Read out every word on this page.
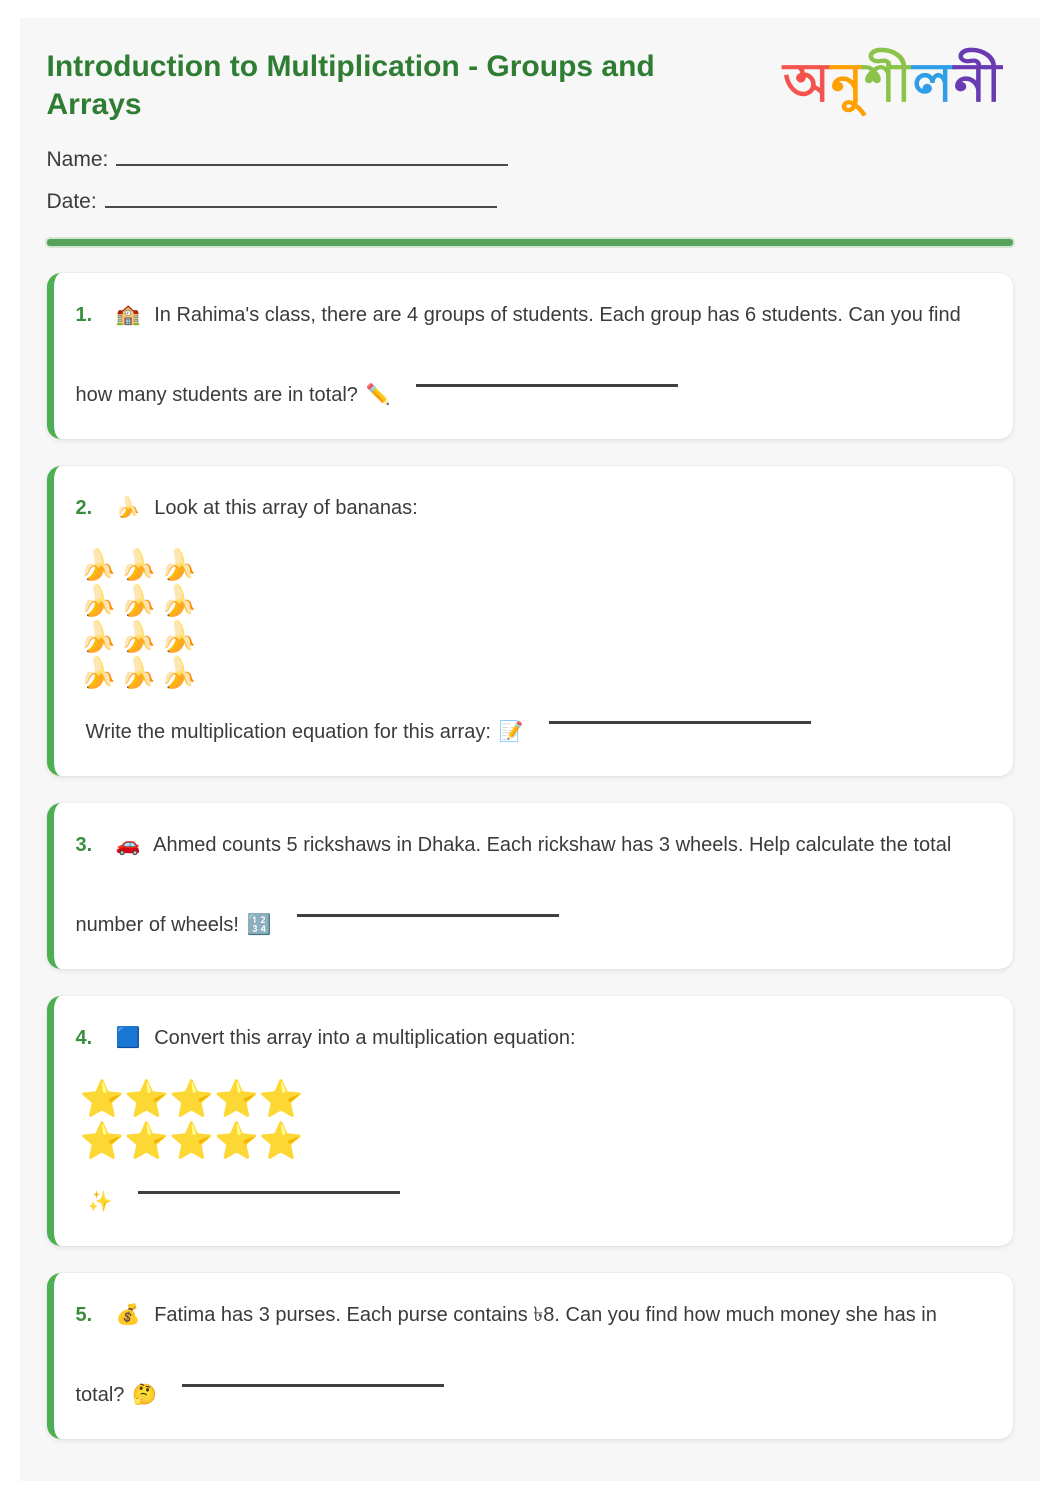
Introduction to Multiplication - Groups and Arrays	অনুশীলনী

Name:

Date:

1. 🏫 In Rahima's class, there are 4 groups of students. Each group has 6 students. Can you find how many students are in total? ✏️

2. 🍌 Look at this array of bananas:

🍌🍌🍌
🍌🍌🍌
🍌🍌🍌
🍌🍌🍌

Write the multiplication equation for this array: 📝

3. 🚗 Ahmed counts 5 rickshaws in Dhaka. Each rickshaw has 3 wheels. Help calculate the total number of wheels! 🔢

4. 🟦 Convert this array into a multiplication equation:

⭐⭐⭐⭐⭐
⭐⭐⭐⭐⭐

✨

5. 💰 Fatima has 3 purses. Each purse contains ৳8. Can you find how much money she has in total? 🤔
